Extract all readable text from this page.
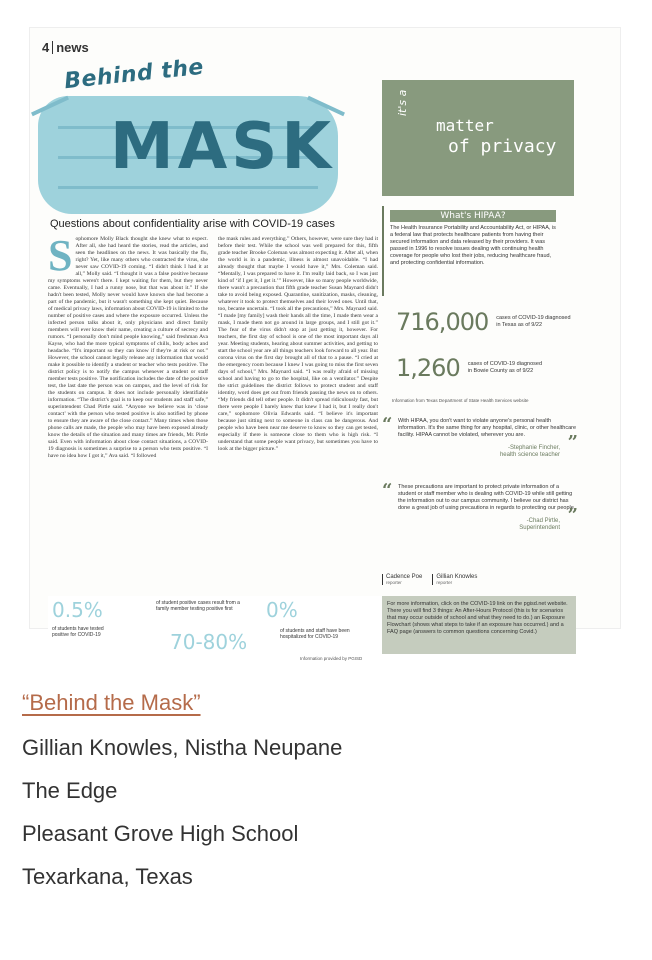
4 news
Behind the
MASK
Questions about confidentiality arise with COVID-19 cases
Sophomore Molly Black thought she knew what to expect. After all, she had heard the stories, read the articles, and seen the headlines on the news. It was basically the flu, right? Yet, like many others who contracted the virus, she never saw COVID-19 coming. “I didn't think I had it at all,” Molly said. “I thought it was a false positive because my symptoms weren't there. I kept waiting for them, but they never came. Eventually, I had a runny nose, but that was about it.” If she hadn't been tested, Molly never would have known she had become a part of the pandemic, but it wasn't something she kept quiet. Because of medical privacy laws, information about COVID-19 is limited to the number of positive cases and where the exposure occurred. Unless the infected person talks about it, only physicians and direct family members will ever know their name, creating a culture of secrecy and rumors. “I personally don't mind people knowing,” said freshman Ava Kayse, who had the more typical symptoms of chills, body aches and headache. “It's important so they can know if they're at risk or not.” However, the school cannot legally release any information that would make it possible to identify a student or teacher who tests positive. The district policy is to notify the campus whenever a student or staff member tests positive. The notification includes the date of the positive test, the last date the person was on campus, and the level of risk for the students on campus. It does not include personally identifiable information. “The district's goal is to keep our students and staff safe,” superintendent Chad Pirtle said. “Anyone we believe was in ‘close contact’ with the person who tested positive is also notified by phone to ensure they are aware of the close contact.” Many times when those phone calls are made, the people who may have been exposed already know the details of the situation and many times are friends, Mr. Pirtle said. Even with information about close contact situations, a COVID-19 diagnosis is sometimes a surprise to a person who tests positive. “I have no idea how I got it,” Ava said. “I followed
the mask rules and everything.” Others, however, were sure they had it before their test. While the school was well prepared for this, fifth grade teacher Brooke Coleman was almost expecting it. After all, when the world is in a pandemic, illness is almost unavoidable. “I had already thought that maybe I would have it,” Mrs. Coleman said. “Mentally, I was prepared to have it. I'm really laid back, so I was just kind of ‘if I get it, I get it.’” However, like so many people worldwide, there wasn't a precaution that fifth grade teacher Susan Maynard didn't take to avoid being exposed. Quarantine, sanitization, masks, cleaning, whatever it took to protect themselves and their loved ones. Until that, too, became uncertain. “I took all the precautions,” Mrs. Maynard said. “I made [my family] wash their hands all the time, I made them wear a mask, I made them not go around in large groups, and I still got it.” The fear of the virus didn't stop at just getting it, however. For teachers, the first day of school is one of the most important days all year. Meeting students, hearing about summer activities, and getting to start the school year are all things teachers look forward to all year. But corona virus on the first day brought all of that to a pause. “I cried at the emergency room because I knew I was going to miss the first seven days of school,” Mrs. Maynard said. “I was really afraid of missing school and having to go to the hospital, like on a ventilator.” Despite the strict guidelines the district follows to protect student and staff identity, word does get out from friends passing the news on to others. “My friends did tell other people. It didn't spread ridiculously fast, but there were people I barely knew that knew I had it, but I really don't care,” sophomore Olivia Edwards said. “I believe it's important because just sitting next to someone in class can be dangerous. And people who have been near me deserve to know so they can get tested, especially if there is someone close to them who is high risk. “I understand that some people want privacy, but sometimes you have to look at the bigger picture.”
0.5%
of students have tested positive for COVID-19
of student positive cases result from a family member testing positive first
70-80%
0%
of students and staff have been hospitalized for COVID-19
Information provided by PGISD
it's a
matter
of privacy
What's HIPAA?
The Health Insurance Portability and Accountability Act, or HIPAA, is a federal law that protects healthcare patients from having their secured information and data released by their providers. It was passed in 1996 to resolve issues dealing with continuing health coverage for people who lost their jobs, reducing healthcare fraud, and protecting confidential information.
716,000 cases of COVID-19 diagnosed in Texas as of 9/22
1,260 cases of COVID-19 diagnosed in Bowie County as of 9/22
Information from Texas Department of State Health Services website
“ With HIPAA, you don't want to violate anyone's personal health information. It's the same thing for any hospital, clinic, or other healthcare facility. HIPAA cannot be violated, wherever you are.	”
-Stephanie Fincher,
health science teacher
“ These precautions are important to protect private information of a student or staff member who is dealing with COVID-19 while still getting the information out to our campus community. I believe our district has done a great job of using precautions in regards to protecting our people.
”
-Chad Pirtle,
Superintendent
Cadence Poe
reporter
Gillian Knowles
reporter
For more information, click on the COVID-19 link on the pgisd.net website. There you will find 3 things: An After-Hours Protocol (this is for scenarios that may occur outside of school and what they need to do.) an Exposure Flowchart (shows what steps to take if an exposure has occurred.) and a FAQ page (answers to common questions concerning Covid.)
“Behind the Mask”
Gillian Knowles, Nistha Neupane
The Edge
Pleasant Grove High School
Texarkana, Texas
